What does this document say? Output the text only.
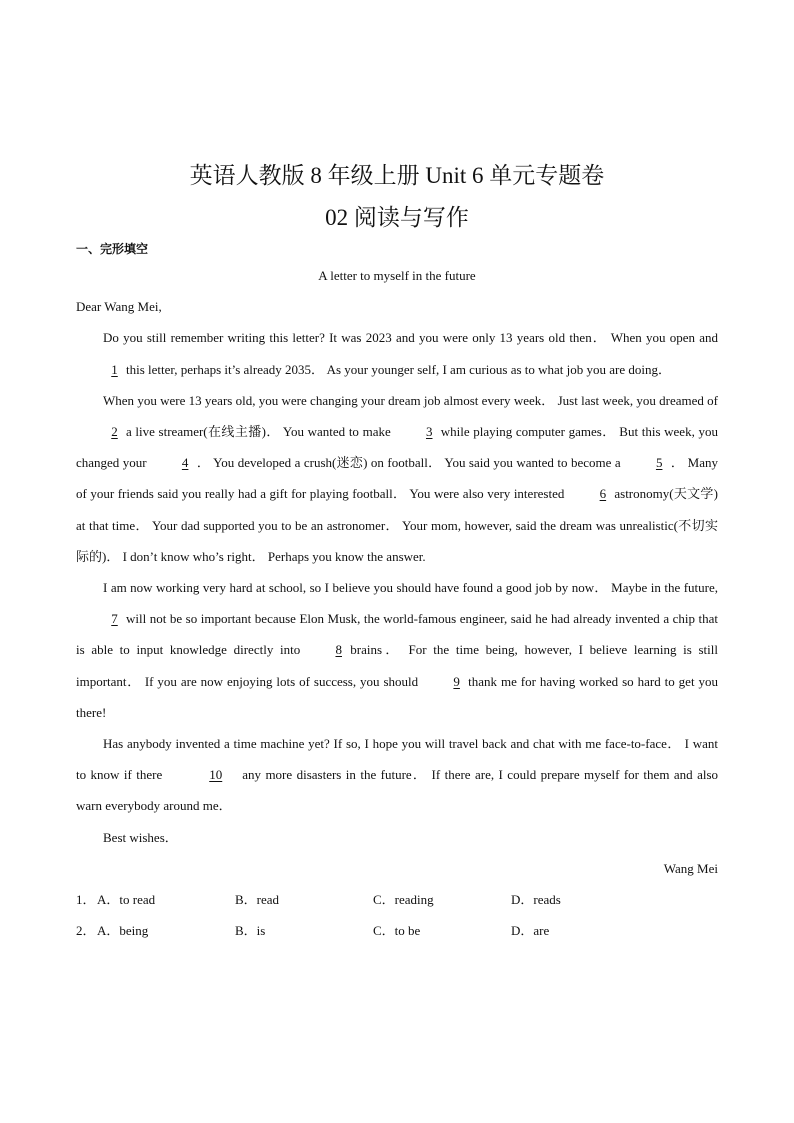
英语人教版 8 年级上册 Unit 6 单元专题卷
02 阅读与写作
一、完形填空
A letter to myself in the future
Dear Wang Mei,
Do you still remember writing this letter? It was 2023 and you were only 13 years old then． When you open and1 this letter, perhaps it’s already 2035． As your younger self, I am curious as to what job you are doing．
When you were 13 years old, you were changing your dream job almost every week． Just last week, you dreamed of2 a live streamer(在线主播)． You wanted to make	3 while playing computer games． But this week, you changed your	4 ． You developed a crush(迷恋) on football． You said you wanted to become a	5 ． Many of your friends said you really had a gift for playing football． You were also very interested	6 astronomy(天文学) at that time． Your dad supported you to be an astronomer． Your mom, however, said the dream was unrealistic(不切实际的)． I don’t know who’s right． Perhaps you know the answer.
I am now working very hard at school, so I believe you should have found a good job by now． Maybe in the future,7 will not be so important because Elon Musk, the world-famous engineer, said he had already invented a chip that is able to input knowledge directly into	8 brains． For the time being, however, I believe learning is still important． If you are now enjoying lots of success, you should	9 thank me for having worked so hard to get you there!
Has anybody invented a time machine yet? If so, I hope you will travel back and chat with me face-to-face． I want to know if there	10 any more disasters in the future． If there are, I could prepare myself for them and also warn everybody around me．
Best wishes．
Wang Mei
1． A．to read	B．read	C．reading	D．reads
2． A．being	B．is	C．to be	D．are
